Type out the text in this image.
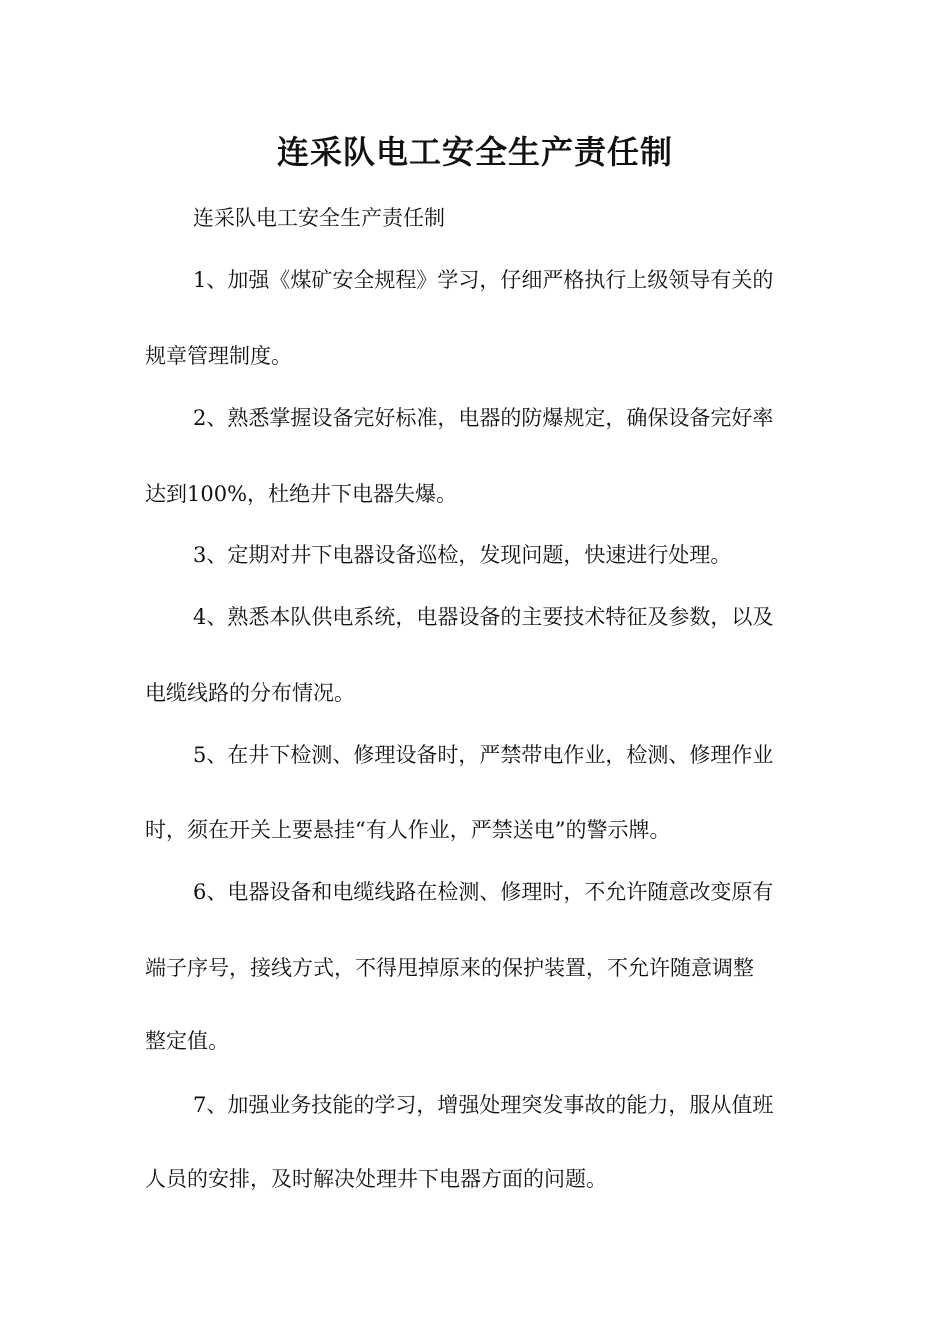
连采队电工安全生产责任制

连采队电工安全生产责任制

1、加强《煤矿安全规程》学习，仔细严格执行上级领导有关的

规章管理制度。

2、熟悉掌握设备完好标准，电器的防爆规定，确保设备完好率

达到100%，杜绝井下电器失爆。

3、定期对井下电器设备巡检，发现问题，快速进行处理。

4、熟悉本队供电系统，电器设备的主要技术特征及参数，以及

电缆线路的分布情况。

5、在井下检测、修理设备时，严禁带电作业，检测、修理作业

时，须在开关上要悬挂“有人作业，严禁送电”的警示牌。

6、电器设备和电缆线路在检测、修理时，不允许随意改变原有

端子序号，接线方式，不得甩掉原来的保护装置，不允许随意调整

整定值。

7、加强业务技能的学习，增强处理突发事故的能力，服从值班

人员的安排，及时解决处理井下电器方面的问题。
